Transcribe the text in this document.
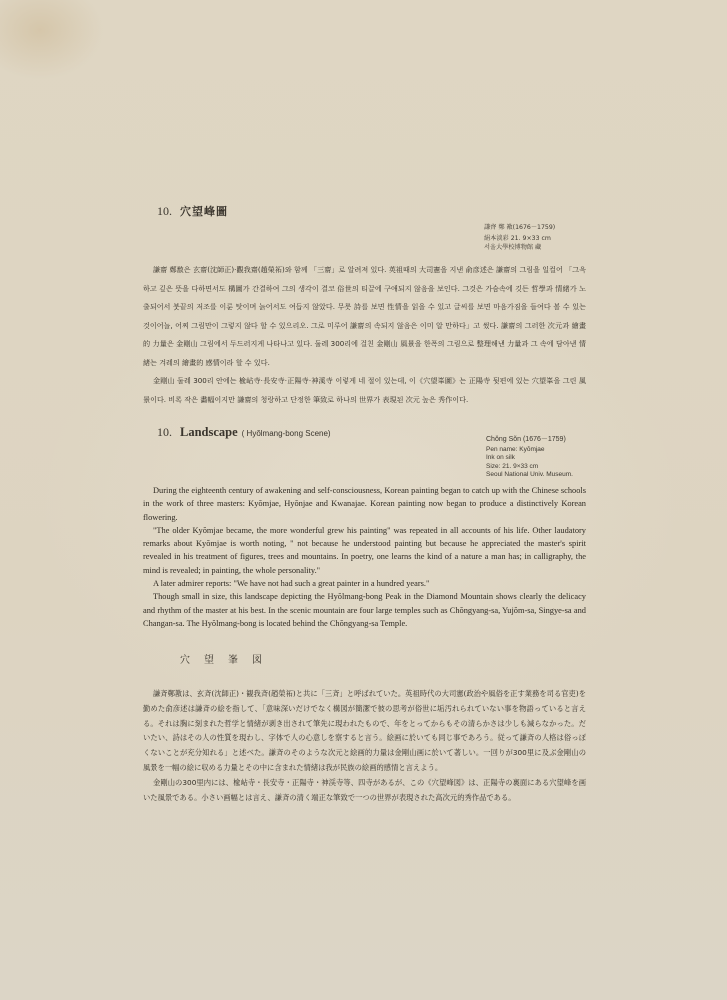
10. 穴望峰圖
謙齊 鄭 敾(1676－1759)
絹本淡彩 21. 9×33 cm
서울大學校博物館 藏

謙齋 鄭敾은 玄齋(沈師正)·觀我齋(趙榮祏)와 함께 「三齋」로 알려져 있다. 英祖때의 大司憲을 지낸 俞彦述은 謙齋의 그림을 일컬어 「그윽하고 깊은 뜻을 다하면서도 構圖가 간결하여 그의 생각이 결코 俗世의 티끌에 구애되지 않음을 보인다. 그것은 가슴속에 깃든 哲學과 情緒가 노출되어서 붓끝의 저조를 이룬 탓이며 늙어서도 여듭지 않았다. 무릇 詩를 보면 性情을 읽을 수 있고 글씨를 보면 마음가짐을 들여다 볼 수 있는 것이어늘, 어찌 그림만이 그렇지 않다 할 수 있으리오. 그로 미루어 謙齋의 속되지 않음은 이미 알 만하다」고 썼다. 謙齋의 그러한 次元과 繪畫的 力量은 金剛山 그림에서 두드러지게 나타나고 있다. 둘레 300리에 걸친 金剛山 風景을 한폭의 그림으로 整理해낸 力量과 그 속에 담아낸 情緒는 겨레의 繪畫的 感情이라 할 수 있다.

金剛山 둘레 300리 안에는 楡岾寺·長安寺·正陽寺·神溪寺 이렇게 네 절이 있는데, 이《穴望峯圖》는 正陽寺 뒷편에 있는 穴望峯을 그린 風景이다. 비록 작은 畵幅이지만 謙齋의 청랑하고 단정한 筆致로 하나의 世界가 表現된 次元 높은 秀作이다.

10. Landscape ( Hyŏlmang-bong Scene)
Chŏng Sŏn (1676－1759)
Pen name: Kyŏmjae
Ink on silk
Size: 21. 9×33 cm
Seoul National Univ. Museum.

During the eighteenth century of awakening and self-consciousness, Korean painting began to catch up with the Chinese schools in the work of three masters: Kyŏmjae, Hyŏnjae and Kwanajae. Korean painting now began to produce a distinctively Korean flowering.

"The older Kyŏmjae became, the more wonderful grew his painting" was repeated in all accounts of his life. Other laudatory remarks about Kyŏmjae is worth noting, " not because he understood painting but because he appreciated the master's spirit revealed in his treatment of figures, trees and mountains. In poetry, one learns the kind of a nature a man has; in calligraphy, the mind is revealed; in painting, the whole personality."

A later admirer reports: "We have not had such a great painter in a hundred years."

Though small in size, this landscape depicting the Hyŏlmang-bong Peak in the Diamond Mountain shows clearly the delicacy and rhythm of the master at his best. In the scenic mountain are four large temples such as Chŏngyang-sa, Yujŏm-sa, Singye-sa and Changan-sa. The Hyŏlmang-bong is located behind the Chŏngyang-sa Temple.

穴望峯図

謙斉鄭敾は、玄斉(沈師正)・観我斉(趙榮祏)と共に「三斉」と呼ばれていた。英祖時代の大司憲(政治や風俗を正す業務を司る官吏)を勤めた俞彦述は謙斉の絵を指して、「意味深いだけでなく構図が簡潔で彼の思考が俗世に垢汚れられていない事を物語っていると言える。それは胸に刻まれた哲学と情緒が剥き出されて筆先に現われたもので、年をとってからもその清らかさは少しも減らなかった。だいたい、詩はその人の性質を現わし、字体で人の心意しを察すると言う。絵画に於いても同じ事であろう。従って謙斉の人格は俗っぽくないことが充分知れる」と述べた。謙斉のそのような次元と絵画的力量は金剛山画に於いて著しい。一回りが300里に及ぶ金剛山の風景を一幅の絵に収める力量とその中に含まれた情緒は我が民族の絵画的感情と言えよう。

金剛山の300里内には、楡岾寺・長安寺・正陽寺・神渓寺等、四寺があるが、この《穴望峰図》は、正陽寺の裏面にある穴望峰を画いた風景である。小さい画幅とは言え、謙斉の清く端正な筆致で一つの世界が表現された高次元的秀作品である。
